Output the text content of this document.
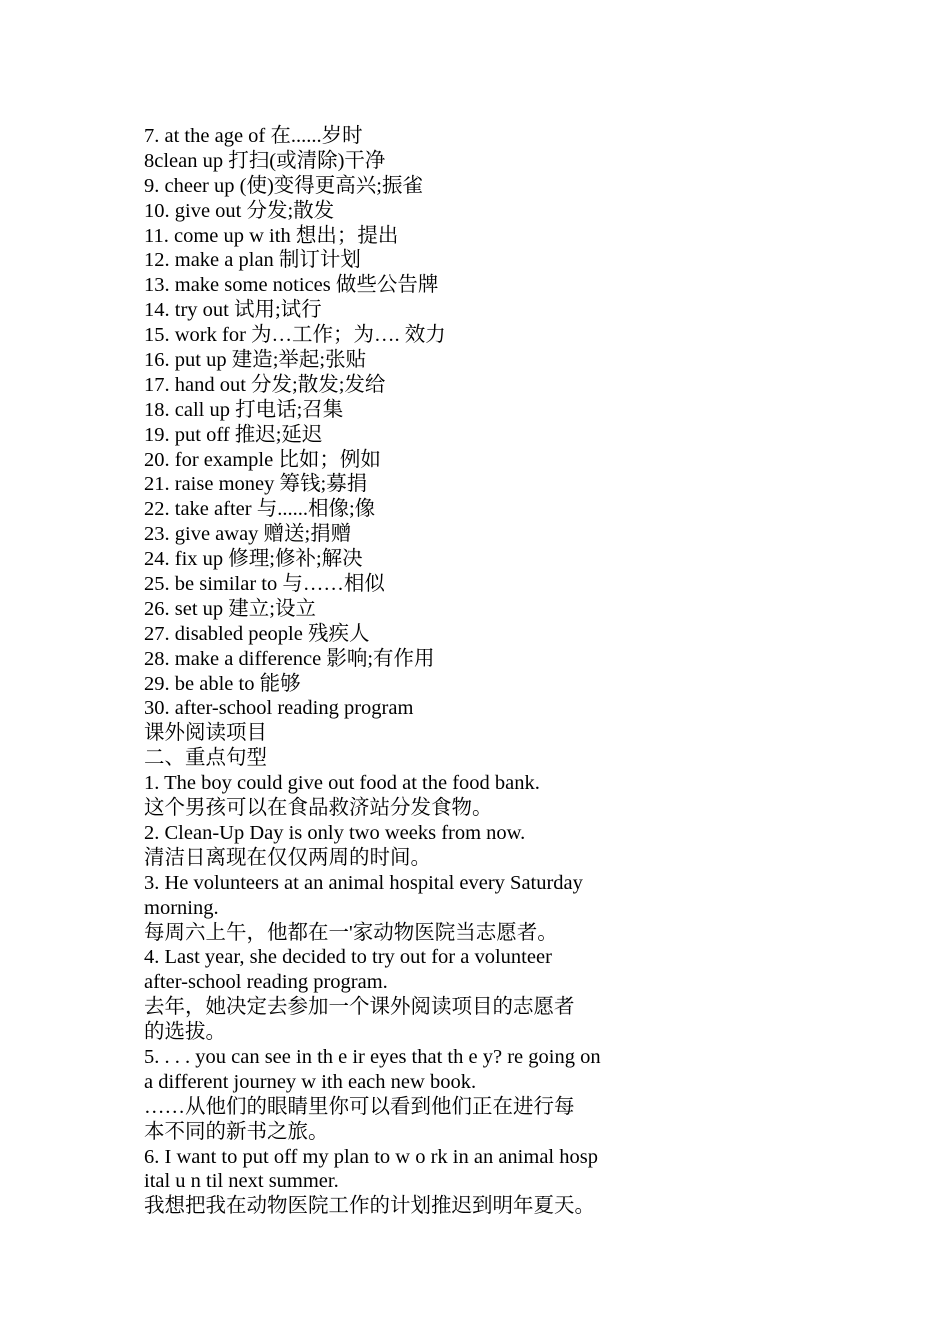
7. at the age of 在......岁时
8clean up 打扫(或清除)干净
9. cheer up (使)变得更高兴;振雀
10. give out 分发;散发
11. come up w ith 想出；提出
12. make a plan 制订计划
13. make some notices 做些公告牌
14. try out 试用;试行
15. work for 为…工作；为…. 效力
16. put up 建造;举起;张贴
17. hand out 分发;散发;发给
18. call up 打电话;召集
19. put off 推迟;延迟
20. for example 比如；例如
21. raise money 筹钱;募捐
22. take after 与......相像;像
23. give away 赠送;捐赠
24. fix up 修理;修补;解决
25. be similar to 与……相似
26. set up 建立;设立
27. disabled people 残疾人
28. make a difference 影响;有作用
29. be able to 能够
30. after-school reading program
课外阅读项目
二、重点句型
1. The boy could give out food at the food bank.
这个男孩可以在食品救济站分发食物。
2. Clean-Up Day is only two weeks from now.
清洁日离现在仅仅两周的时间。
3. He volunteers at an animal hospital every Saturday
morning.
每周六上午，他都在一'家动物医院当志愿者。
4. Last year, she decided to try out for a volunteer
after-school reading program.
去年，她决定去参加一个课外阅读项目的志愿者
的选拔。
5. . . . you can see in th e ir eyes that th e y? re going on
a different journey w ith each new book.
……从他们的眼睛里你可以看到他们正在进行每
本不同的新书之旅。
6. I want to put off my plan to w o rk in an animal hosp
ital u n til next summer.
我想把我在动物医院工作的计划推迟到明年夏天。
